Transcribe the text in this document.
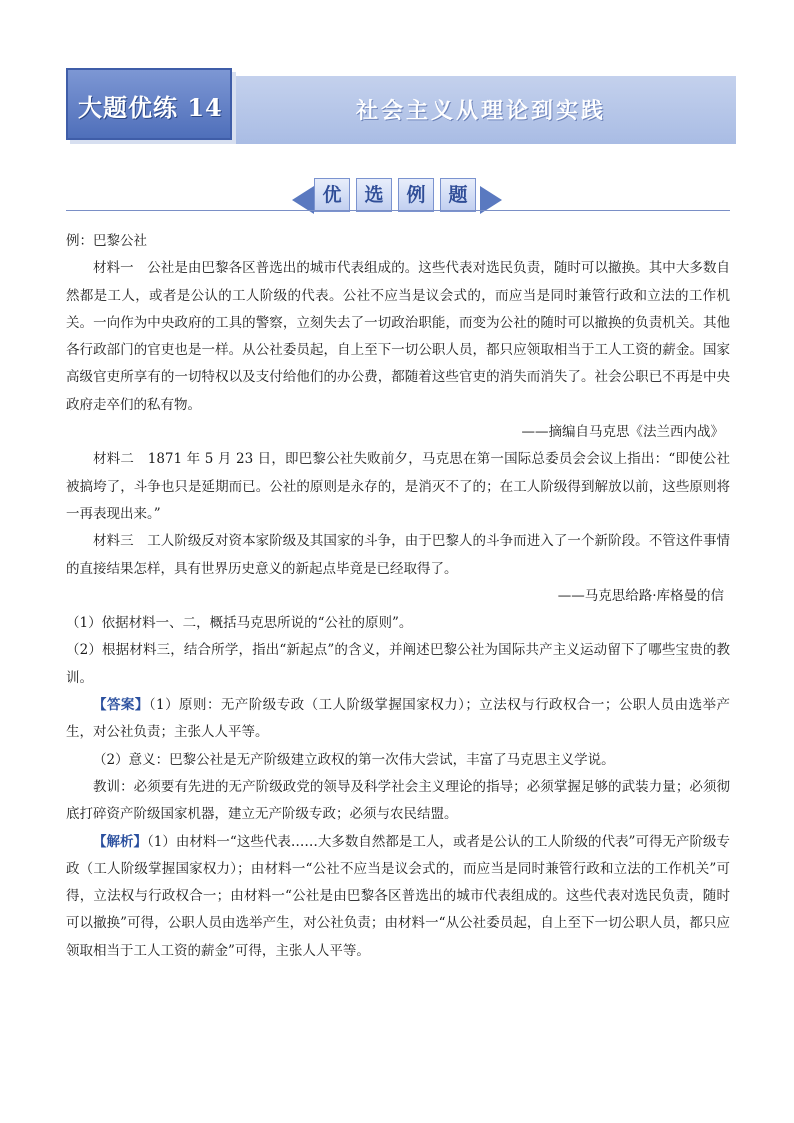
大题优练 14	社会主义从理论到实践
优	选	例	题

例：巴黎公社

材料一　公社是由巴黎各区普选出的城市代表组成的。这些代表对选民负责，随时可以撤换。其中大多数自然都是工人，或者是公认的工人阶级的代表。公社不应当是议会式的，而应当是同时兼管行政和立法的工作机关。一向作为中央政府的工具的警察，立刻失去了一切政治职能，而变为公社的随时可以撤换的负责机关。其他各行政部门的官吏也是一样。从公社委员起，自上至下一切公职人员，都只应领取相当于工人工资的薪金。国家高级官吏所享有的一切特权以及支付给他们的办公费，都随着这些官吏的消失而消失了。社会公职已不再是中央政府走卒们的私有物。

——摘编自马克思《法兰西内战》

材料二　1871 年 5 月 23 日，即巴黎公社失败前夕，马克思在第一国际总委员会会议上指出：“即使公社被搞垮了，斗争也只是延期而已。公社的原则是永存的，是消灭不了的；在工人阶级得到解放以前，这些原则将一再表现出来。”

材料三　工人阶级反对资本家阶级及其国家的斗争，由于巴黎人的斗争而进入了一个新阶段。不管这件事情的直接结果怎样，具有世界历史意义的新起点毕竟是已经取得了。

——马克思给路·库格曼的信

（1）依据材料一、二，概括马克思所说的“公社的原则”。

（2）根据材料三，结合所学，指出“新起点”的含义，并阐述巴黎公社为国际共产主义运动留下了哪些宝贵的教训。

【答案】（1）原则：无产阶级专政（工人阶级掌握国家权力）；立法权与行政权合一；公职人员由选举产生，对公社负责；主张人人平等。

（2）意义：巴黎公社是无产阶级建立政权的第一次伟大尝试，丰富了马克思主义学说。

教训：必须要有先进的无产阶级政党的领导及科学社会主义理论的指导；必须掌握足够的武装力量；必须彻底打碎资产阶级国家机器，建立无产阶级专政；必须与农民结盟。

【解析】（1）由材料一“这些代表……大多数自然都是工人，或者是公认的工人阶级的代表”可得无产阶级专政（工人阶级掌握国家权力）；由材料一“公社不应当是议会式的，而应当是同时兼管行政和立法的工作机关”可得，立法权与行政权合一；由材料一“公社是由巴黎各区普选出的城市代表组成的。这些代表对选民负责，随时可以撤换”可得，公职人员由选举产生，对公社负责；由材料一“从公社委员起，自上至下一切公职人员，都只应领取相当于工人工资的薪金”可得，主张人人平等。
